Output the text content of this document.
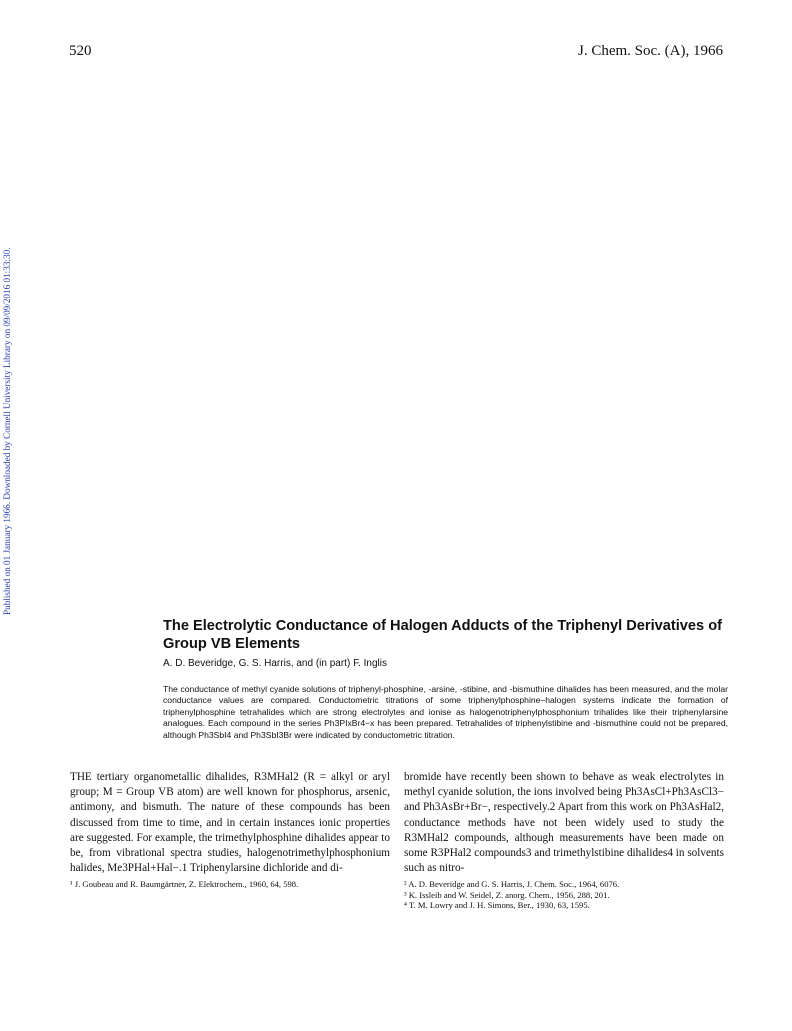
520	J. Chem. Soc. (A), 1966
Published on 01 January 1966. Downloaded by Cornell University Library on 09/09/2016 01:33:30.
The Electrolytic Conductance of Halogen Adducts of the Triphenyl Derivatives of Group VB Elements

A. D. Beveridge, G. S. Harris, and (in part) F. Inglis

The conductance of methyl cyanide solutions of triphenyl-phosphine, -arsine, -stibine, and -bismuthine dihalides has been measured, and the molar conductance values are compared. Conductometric titrations of some triphenylphosphine–halogen systems indicate the formation of triphenylphosphine tetrahalides which are strong electrolytes and ionise as halogenotriphenylphosphonium trihalides like their triphenylarsine analogues. Each compound in the series Ph3PIxBr4−x has been prepared. Tetrahalides of triphenylstibine and -bismuthine could not be prepared, although Ph3SbI4 and Ph3SbI3Br were indicated by conductometric titration.

THE tertiary organometallic dihalides, R3MHal2 (R = alkyl or aryl group; M = Group VB atom) are well known for phosphorus, arsenic, antimony, and bismuth. The nature of these compounds has been discussed from time to time, and in certain instances ionic properties are suggested. For example, the trimethylphosphine dihalides appear to be, from vibrational spectra studies, halogenotrimethylphosphonium halides, Me3PHal+Hal−.1 Triphenylarsine dichloride and di-

¹ J. Goubeau and R. Baumgärtner, Z. Elektrochem., 1960, 64, 598.

bromide have recently been shown to behave as weak electrolytes in methyl cyanide solution, the ions involved being Ph3AsCl+Ph3AsCl3− and Ph3AsBr+Br−, respectively.2 Apart from this work on Ph3AsHal2, conductance methods have not been widely used to study the R3MHal2 compounds, although measurements have been made on some R3PHal2 compounds3 and trimethylstibine dihalides4 in solvents such as nitro-

² A. D. Beveridge and G. S. Harris, J. Chem. Soc., 1964, 6076.
³ K. Issleib and W. Seidel, Z. anorg. Chem., 1956, 288, 201.
⁴ T. M. Lowry and J. H. Simons, Ber., 1930, 63, 1595.
